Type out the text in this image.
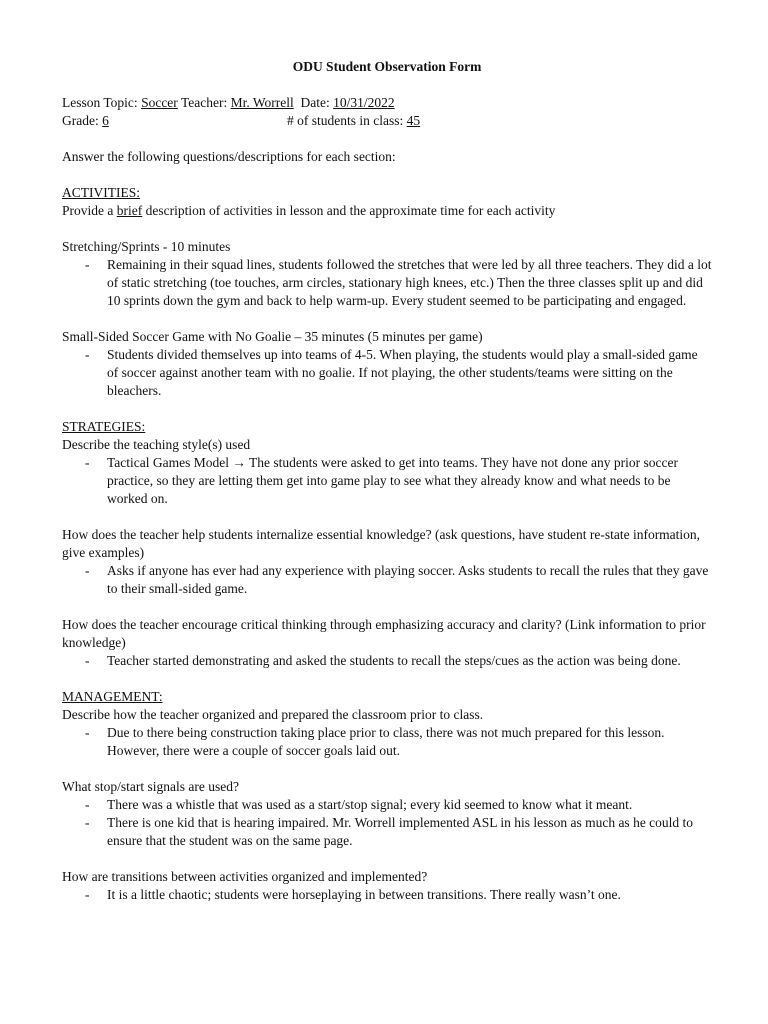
ODU Student Observation Form
Lesson Topic: Soccer Teacher: Mr. Worrell Date: 10/31/2022
Grade: 6	# of students in class: 45

Answer the following questions/descriptions for each section:

ACTIVITIES:

Provide a brief description of activities in lesson and the approximate time for each activity

Stretching/Sprints - 10 minutes

- Remaining in their squad lines, students followed the stretches that were led by all three teachers. They did a lot of static stretching (toe touches, arm circles, stationary high knees, etc.) Then the three classes split up and did 10 sprints down the gym and back to help warm-up. Every student seemed to be participating and engaged.

Small-Sided Soccer Game with No Goalie – 35 minutes (5 minutes per game)

- Students divided themselves up into teams of 4-5. When playing, the students would play a small-sided game of soccer against another team with no goalie. If not playing, the other students/teams were sitting on the bleachers.
STRATEGIES:

Describe the teaching style(s) used

- Tactical Games Model → The students were asked to get into teams. They have not done any prior soccer practice, so they are letting them get into game play to see what they already know and what needs to be worked on.

How does the teacher help students internalize essential knowledge? (ask questions, have student re-state information, give examples)

- Asks if anyone has ever had any experience with playing soccer. Asks students to recall the rules that they gave to their small-sided game.

How does the teacher encourage critical thinking through emphasizing accuracy and clarity? (Link information to prior knowledge)

- Teacher started demonstrating and asked the students to recall the steps/cues as the action was being done.
MANAGEMENT:

Describe how the teacher organized and prepared the classroom prior to class.

- Due to there being construction taking place prior to class, there was not much prepared for this lesson. However, there were a couple of soccer goals laid out.

What stop/start signals are used?

- There was a whistle that was used as a start/stop signal; every kid seemed to know what it meant.
- There is one kid that is hearing impaired. Mr. Worrell implemented ASL in his lesson as much as he could to ensure that the student was on the same page.

How are transitions between activities organized and implemented?

- It is a little chaotic; students were horseplaying in between transitions. There really wasn’t one.
